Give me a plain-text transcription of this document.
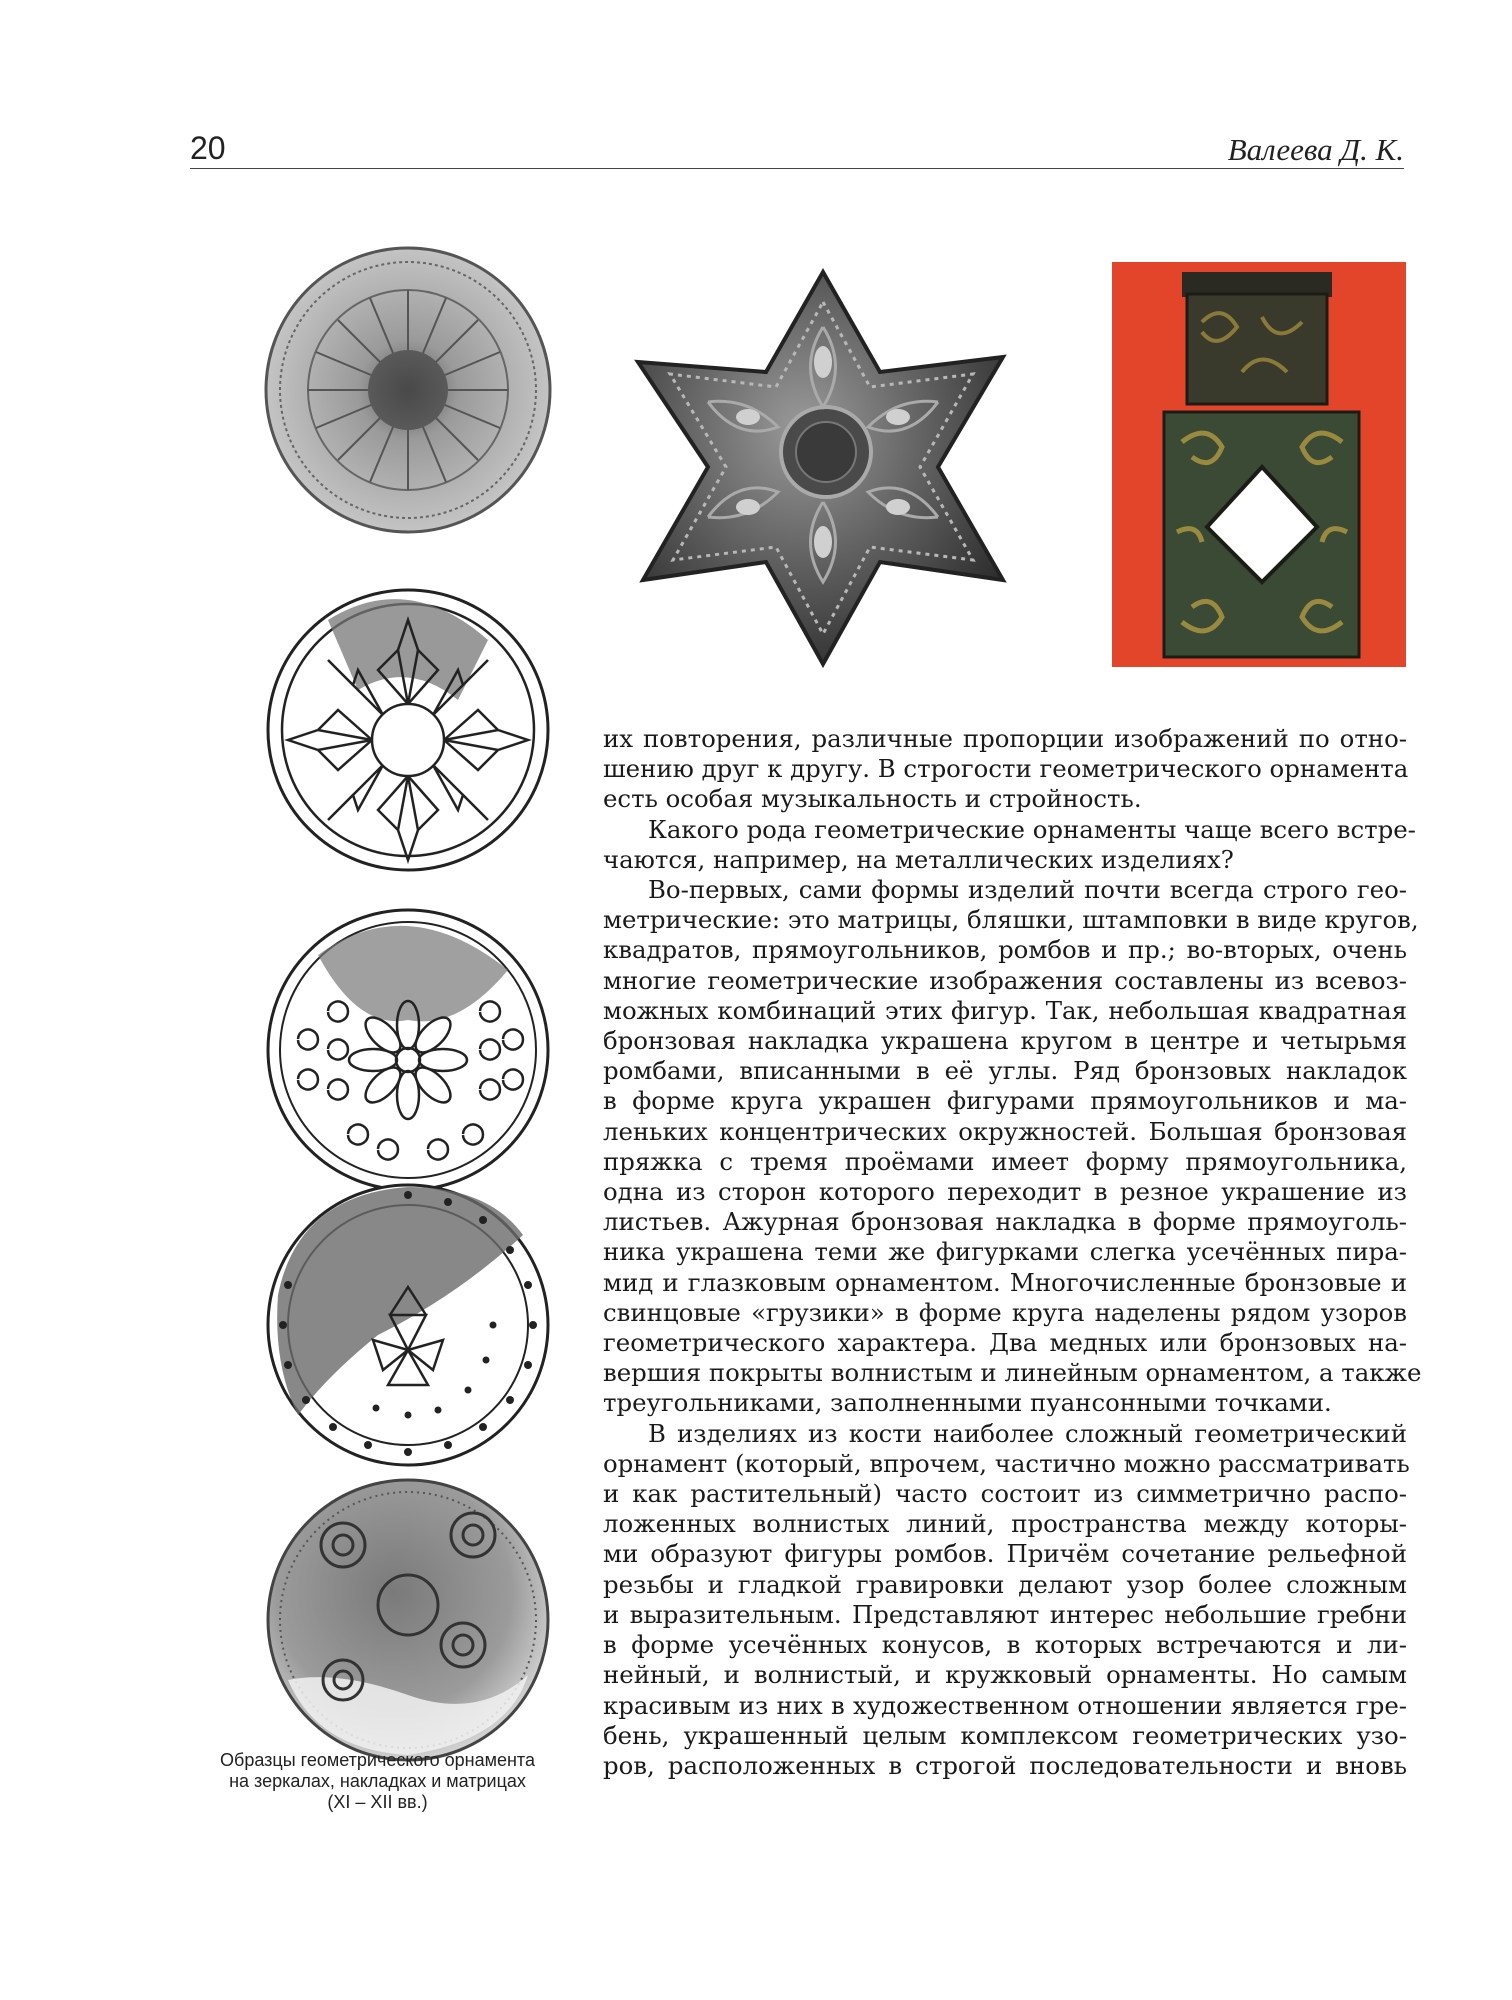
20	Валеева Д. К.
Образцы геометрического орнамента
на зеркалах, накладках и матрицах
(XI – XII вв.)

их повторения, различные пропорции изображений по отно-
шению друг к другу. В строгости геометрического орнамента
есть особая музыкальность и стройность.

Какого рода геометрические орнаменты чаще всего встре-
чаются, например, на металлических изделиях?

Во-первых, сами формы изделий почти всегда строго гео-
метрические: это матрицы, бляшки, штамповки в виде кругов,
квадратов, прямоугольников, ромбов и пр.; во-вторых, очень
многие геометрические изображения составлены из всевоз-
можных комбинаций этих фигур. Так, небольшая квадратная
бронзовая накладка украшена кругом в центре и четырьмя
ромбами, вписанными в её углы. Ряд бронзовых накладок
в форме круга украшен фигурами прямоугольников и ма-
леньких концентрических окружностей. Большая бронзовая
пряжка с тремя проёмами имеет форму прямоугольника,
одна из сторон которого переходит в резное украшение из
листьев. Ажурная бронзовая накладка в форме прямоуголь-
ника украшена теми же фигурками слегка усечённых пира-
мид и глазковым орнаментом. Многочисленные бронзовые и
свинцовые «грузики» в форме круга наделены рядом узоров
геометрического характера. Два медных или бронзовых на-
вершия покрыты волнистым и линейным орнаментом, а также
треугольниками, заполненными пуансонными точками.

В изделиях из кости наиболее сложный геометрический
орнамент (который, впрочем, частично можно рассматривать
и как растительный) часто состоит из симметрично распо-
ложенных волнистых линий, пространства между которы-
ми образуют фигуры ромбов. Причём сочетание рельефной
резьбы и гладкой гравировки делают узор более сложным
и выразительным. Представляют интерес небольшие гребни
в форме усечённых конусов, в которых встречаются и ли-
нейный, и волнистый, и кружковый орнаменты. Но самым
красивым из них в художественном отношении является гре-
бень, украшенный целым комплексом геометрических узо-
ров, расположенных в строгой последовательности и вновь
